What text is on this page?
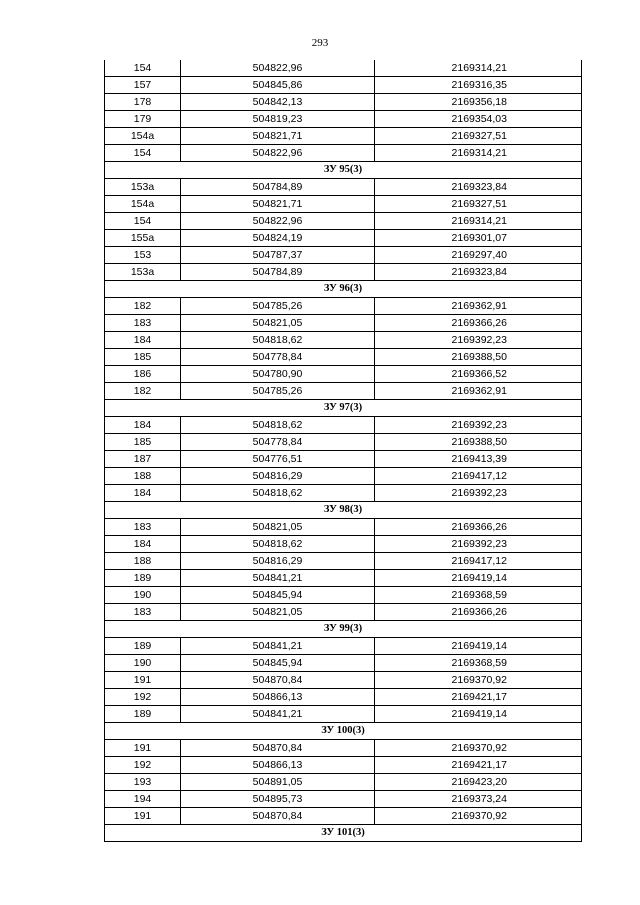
293
154	504822,96	2169314,21
157	504845,86	2169316,35
178	504842,13	2169356,18
179	504819,23	2169354,03
154а	504821,71	2169327,51
154	504822,96	2169314,21
ЗУ 95(3)		
153а	504784,89	2169323,84
154а	504821,71	2169327,51
154	504822,96	2169314,21
155а	504824,19	2169301,07
153	504787,37	2169297,40
153а	504784,89	2169323,84
ЗУ 96(3)		
182	504785,26	2169362,91
183	504821,05	2169366,26
184	504818,62	2169392,23
185	504778,84	2169388,50
186	504780,90	2169366,52
182	504785,26	2169362,91
ЗУ 97(3)		
184	504818,62	2169392,23
185	504778,84	2169388,50
187	504776,51	2169413,39
188	504816,29	2169417,12
184	504818,62	2169392,23
ЗУ 98(3)		
183	504821,05	2169366,26
184	504818,62	2169392,23
188	504816,29	2169417,12
189	504841,21	2169419,14
190	504845,94	2169368,59
183	504821,05	2169366,26
ЗУ 99(3)		
189	504841,21	2169419,14
190	504845,94	2169368,59
191	504870,84	2169370,92
192	504866,13	2169421,17
189	504841,21	2169419,14
ЗУ 100(3)		
191	504870,84	2169370,92
192	504866,13	2169421,17
193	504891,05	2169423,20
194	504895,73	2169373,24
191	504870,84	2169370,92
ЗУ 101(3)		
